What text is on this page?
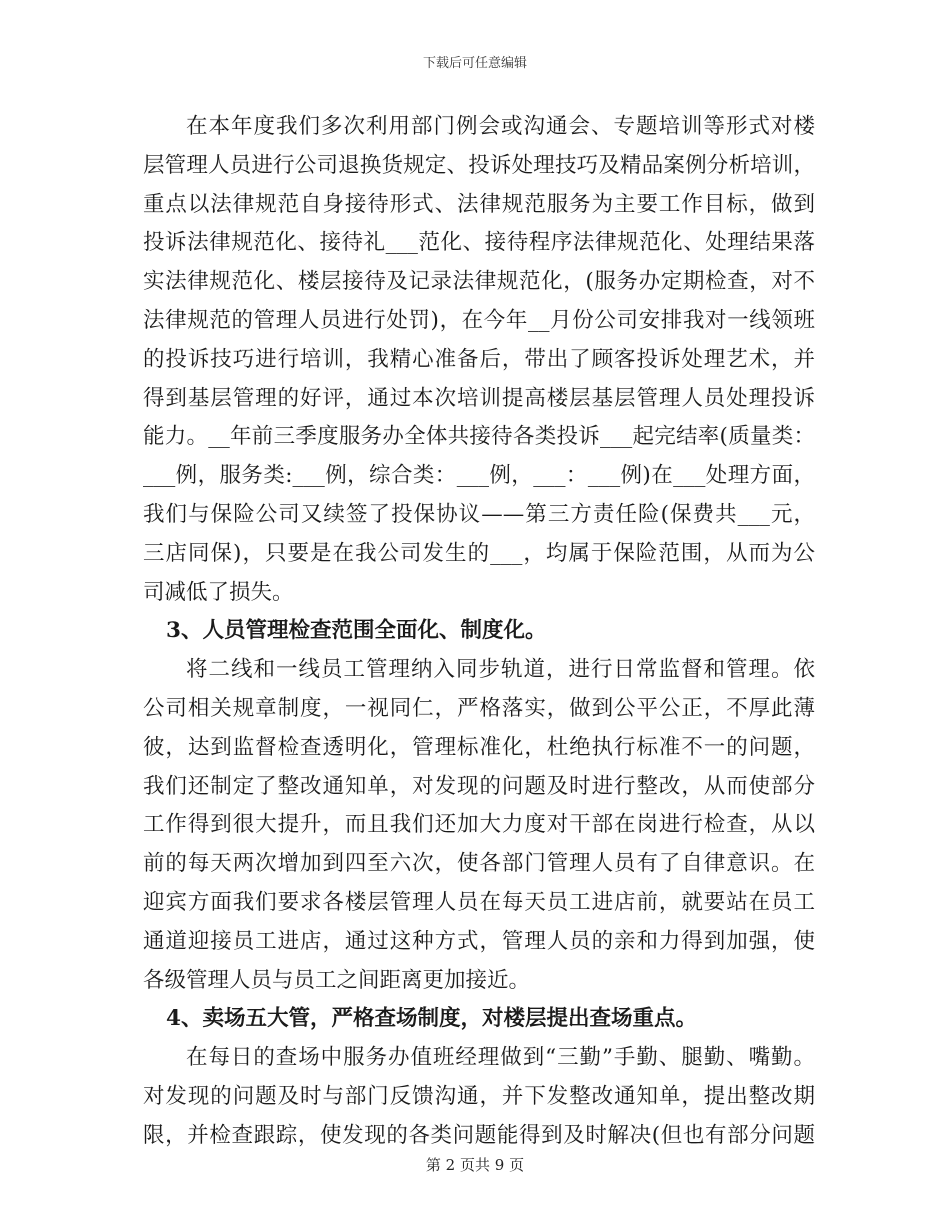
下载后可任意编辑
在本年度我们多次利用部门例会或沟通会、专题培训等形式对楼
层管理人员进行公司退换货规定、投诉处理技巧及精品案例分析培训，
重点以法律规范自身接待形式、法律规范服务为主要工作目标，做到
投诉法律规范化、接待礼___范化、接待程序法律规范化、处理结果落
实法律规范化、楼层接待及记录法律规范化，(服务办定期检查，对不
法律规范的管理人员进行处罚)，在今年__月份公司安排我对一线领班
的投诉技巧进行培训，我精心准备后，带出了顾客投诉处理艺术，并
得到基层管理的好评，通过本次培训提高楼层基层管理人员处理投诉
能力。__年前三季度服务办全体共接待各类投诉___起完结率(质量类：
___例，服务类:___例，综合类：___例，___：___例)在___处理方面，
我们与保险公司又续签了投保协议——第三方责任险(保费共___元，
三店同保)，只要是在我公司发生的___，均属于保险范围，从而为公
司减低了损失。
3、人员管理检查范围全面化、制度化。
将二线和一线员工管理纳入同步轨道，进行日常监督和管理。依
公司相关规章制度，一视同仁，严格落实，做到公平公正，不厚此薄
彼，达到监督检查透明化，管理标准化，杜绝执行标准不一的问题，
我们还制定了整改通知单，对发现的问题及时进行整改，从而使部分
工作得到很大提升，而且我们还加大力度对干部在岗进行检查，从以
前的每天两次增加到四至六次，使各部门管理人员有了自律意识。在
迎宾方面我们要求各楼层管理人员在每天员工进店前，就要站在员工
通道迎接员工进店，通过这种方式，管理人员的亲和力得到加强，使
各级管理人员与员工之间距离更加接近。
4、卖场五大管，严格查场制度，对楼层提出查场重点。
在每日的查场中服务办值班经理做到“三勤”手勤、腿勤、嘴勤。
对发现的问题及时与部门反馈沟通，并下发整改通知单，提出整改期
限，并检查跟踪，使发现的各类问题能得到及时解决(但也有部分问题
第 2 页共 9 页
